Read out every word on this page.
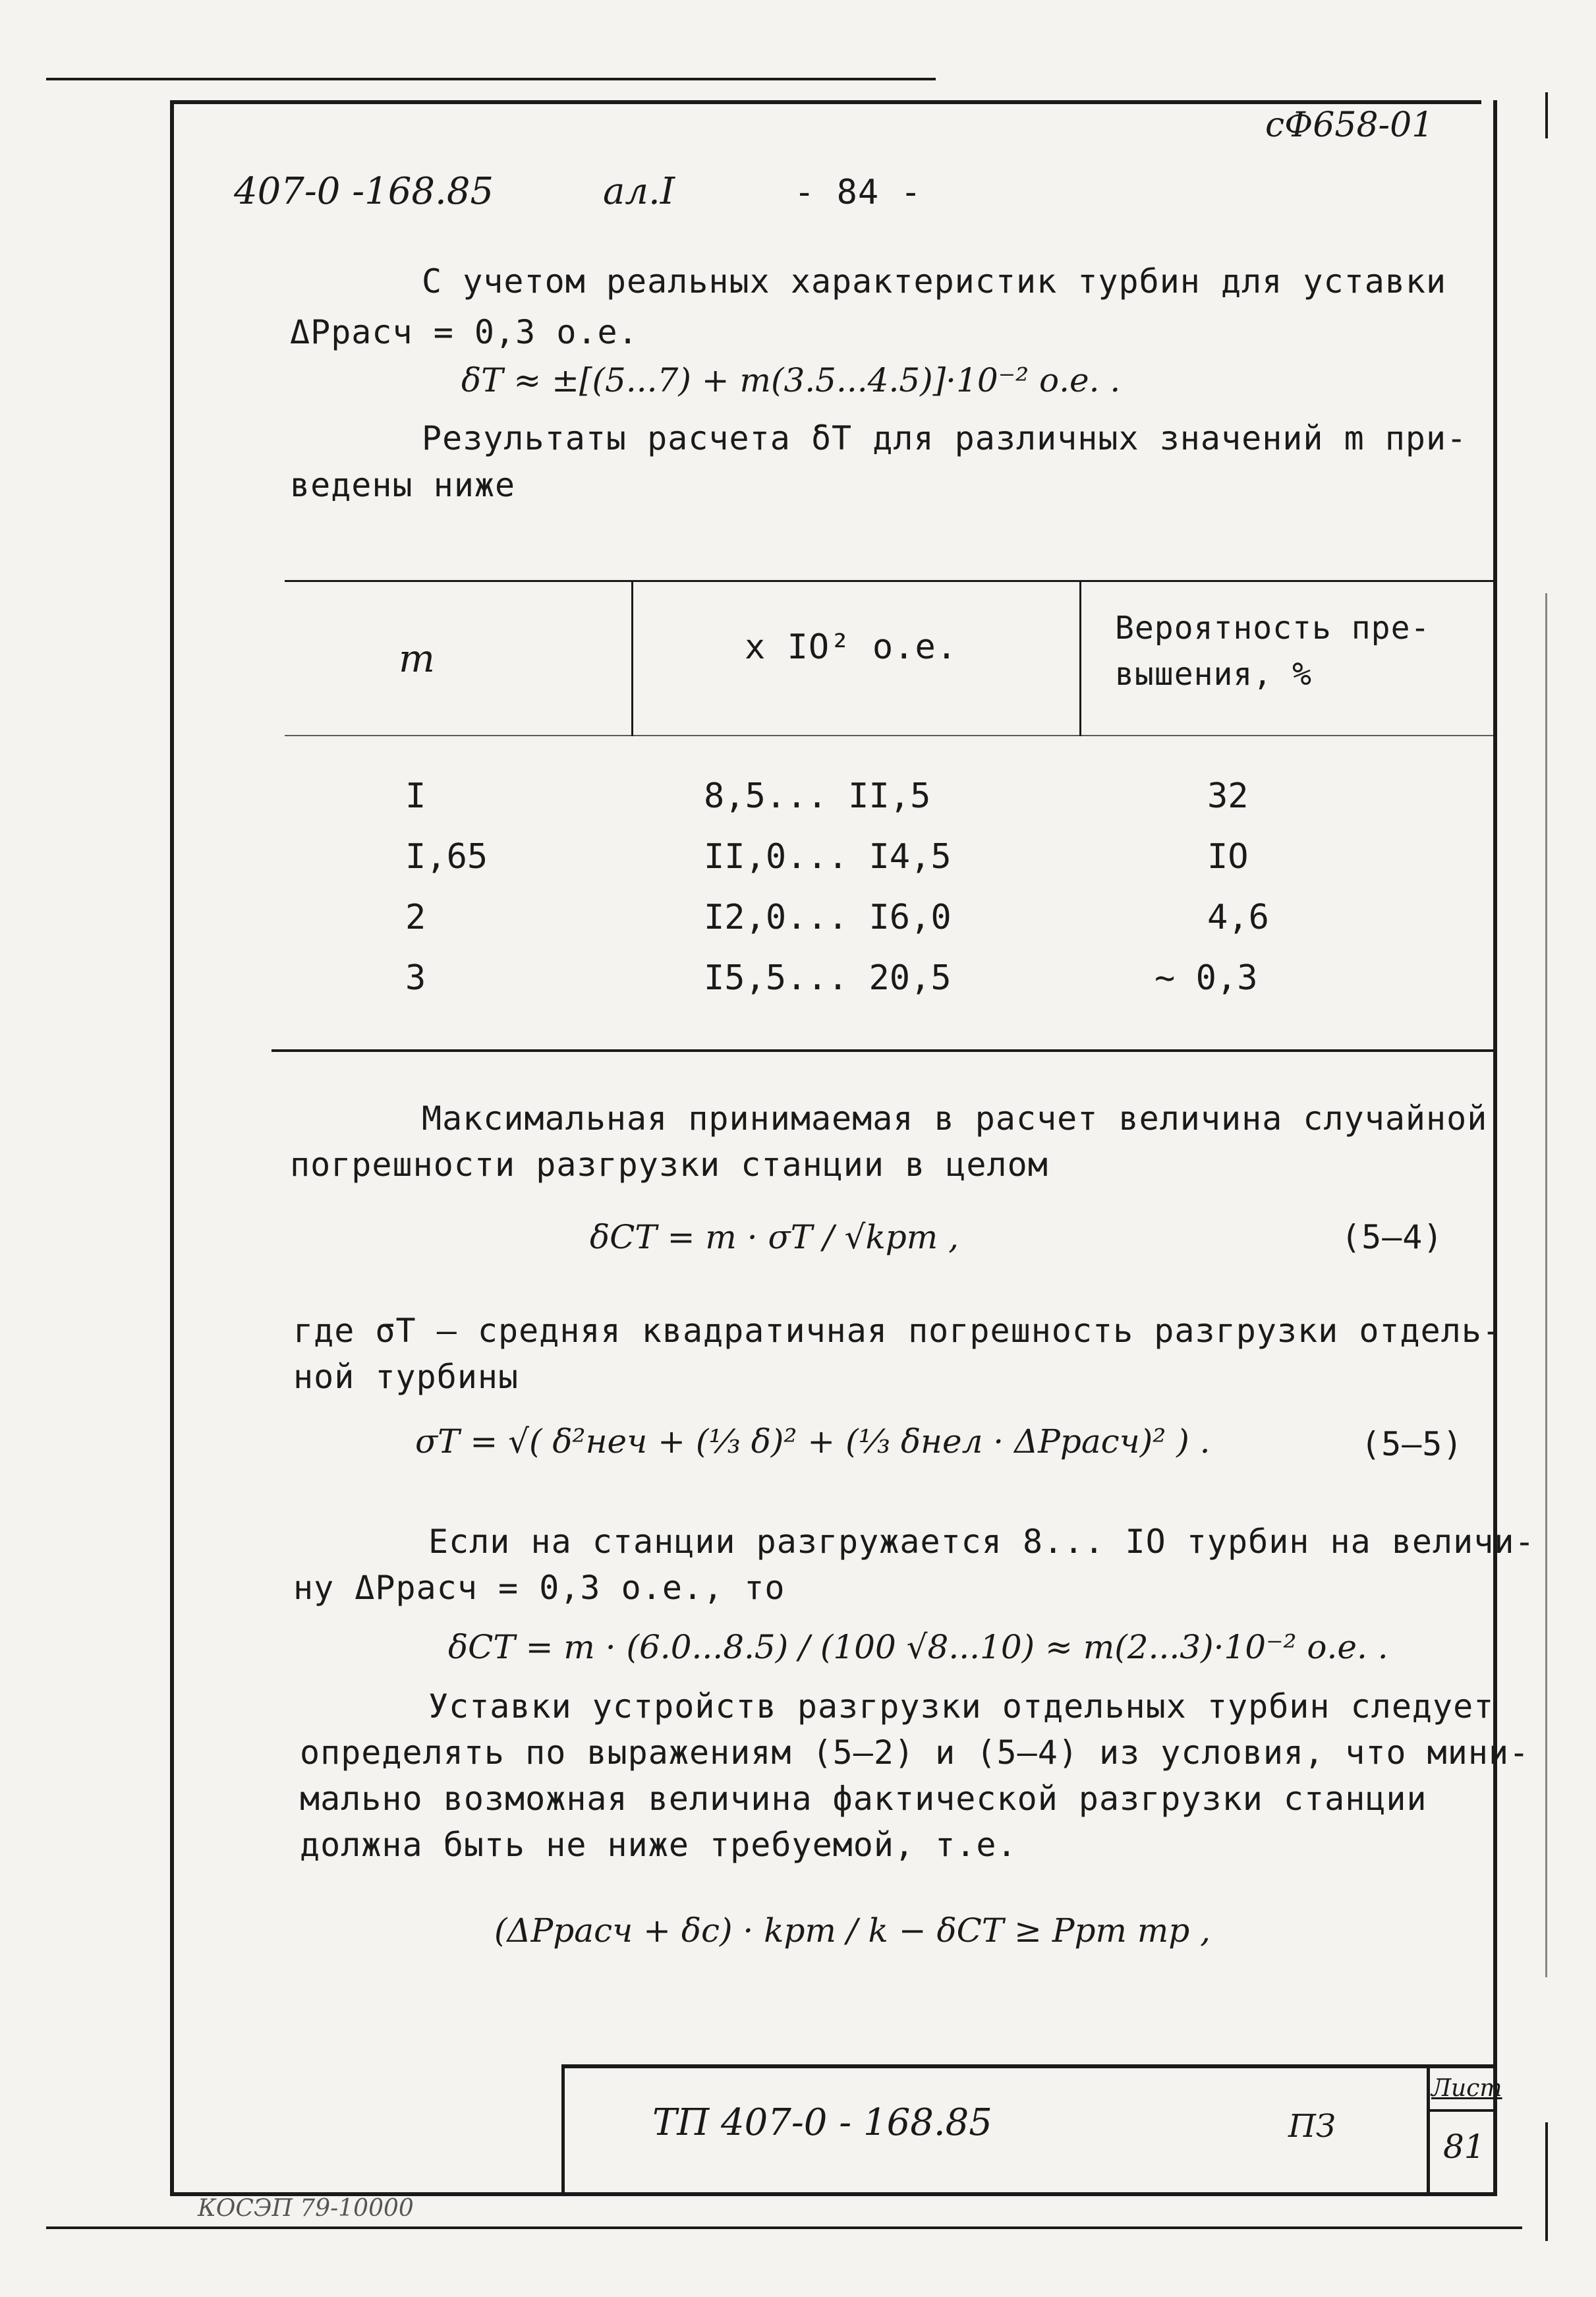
сФ658-01
407-0 -168.85	ал.I	- 84 -
С учетом реальных характеристик турбин для уставки
ΔPрасч = 0,3 о.е.
δT ≈ ±[(5...7) + m(3.5...4.5)]·10⁻² о.е. .
Результаты расчета δT для различных значений m при-
ведены ниже
m	x IO² o.e.	Вероятность пре-
вышения, %
I	8,5... II,5	32
I,65	II,0... I4,5	IO
2	I2,0... I6,0	4,6
3	I5,5... 20,5	~ 0,3
Максимальная принимаемая в расчет величина случайной
погрешности разгрузки станции в целом
δCT = m · σT / √kрт ,	(5–4)
где σT – средняя квадратичная погрешность разгрузки отдель-
ной турбины
σT = √( δ²неч + (⅓ δ)² + (⅓ δнел · ΔPрасч)² ) .	(5–5)
Если на станции разгружается 8... IO турбин на величи-
ну ΔPрасч = 0,3 о.е., то
δCT = m · (6.0...8.5) / (100 √8...10) ≈ m(2...3)·10⁻² о.е. .
Уставки устройств разгрузки отдельных турбин следует
определять по выражениям (5–2) и (5–4) из условия, что мини-
мально возможная величина фактической разгрузки станции
должна быть не ниже требуемой, т.е.
(ΔPрасч + δc) · kрт / k − δCT ≥ Pрт тр ,
ТП 407-0 - 168.85	ПЗ
Лист
81
КОСЭП 79-10000
